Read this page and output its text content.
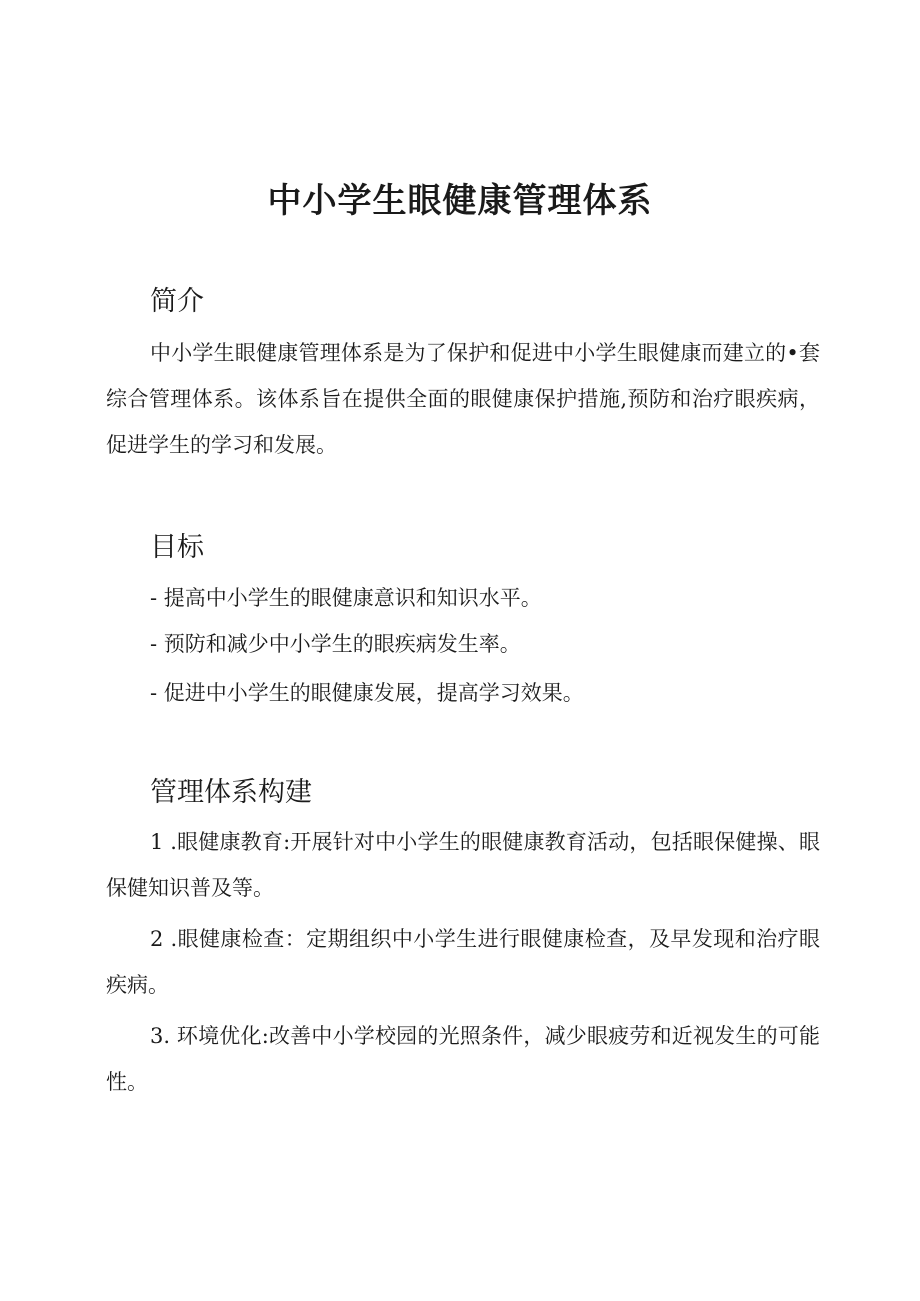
中小学生眼健康管理体系
简介

中小学生眼健康管理体系是为了保护和促进中小学生眼健康而建立的•套综合管理体系。该体系旨在提供全面的眼健康保护措施,预防和治疗眼疾病，促进学生的学习和发展。

目标

- 提高中小学生的眼健康意识和知识水平。

- 预防和减少中小学生的眼疾病发生率。

- 促进中小学生的眼健康发展，提高学习效果。

管理体系构建

1 .眼健康教育:开展针对中小学生的眼健康教育活动，包括眼保健操、眼保健知识普及等。

2 .眼健康检查：定期组织中小学生进行眼健康检查，及早发现和治疗眼疾病。

3. 环境优化:改善中小学校园的光照条件，减少眼疲劳和近视发生的可能性。
